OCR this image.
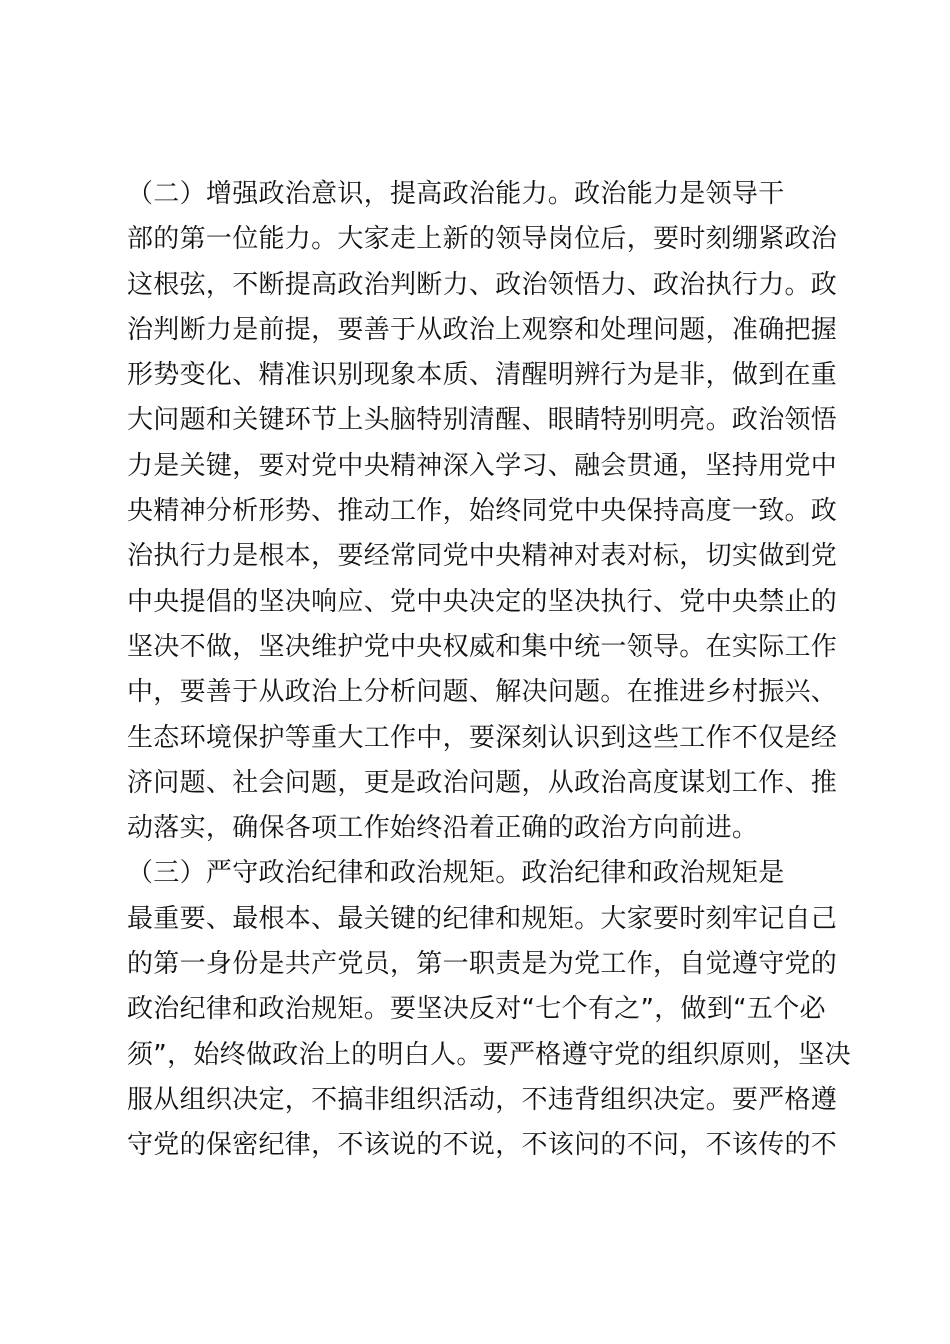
（二）增强政治意识，提高政治能力。政治能力是领导干
部的第一位能力。大家走上新的领导岗位后，要时刻绷紧政治
这根弦，不断提高政治判断力、政治领悟力、政治执行力。政
治判断力是前提，要善于从政治上观察和处理问题，准确把握
形势变化、精准识别现象本质、清醒明辨行为是非，做到在重
大问题和关键环节上头脑特别清醒、眼睛特别明亮。政治领悟
力是关键，要对党中央精神深入学习、融会贯通，坚持用党中
央精神分析形势、推动工作，始终同党中央保持高度一致。政
治执行力是根本，要经常同党中央精神对表对标，切实做到党
中央提倡的坚决响应、党中央决定的坚决执行、党中央禁止的
坚决不做，坚决维护党中央权威和集中统一领导。在实际工作
中，要善于从政治上分析问题、解决问题。在推进乡村振兴、
生态环境保护等重大工作中，要深刻认识到这些工作不仅是经
济问题、社会问题，更是政治问题，从政治高度谋划工作、推
动落实，确保各项工作始终沿着正确的政治方向前进。
（三）严守政治纪律和政治规矩。政治纪律和政治规矩是
最重要、最根本、最关键的纪律和规矩。大家要时刻牢记自己
的第一身份是共产党员，第一职责是为党工作，自觉遵守党的
政治纪律和政治规矩。要坚决反对“七个有之”，做到“五个必
须”，始终做政治上的明白人。要严格遵守党的组织原则，坚决
服从组织决定，不搞非组织活动，不违背组织决定。要严格遵
守党的保密纪律，不该说的不说，不该问的不问，不该传的不
